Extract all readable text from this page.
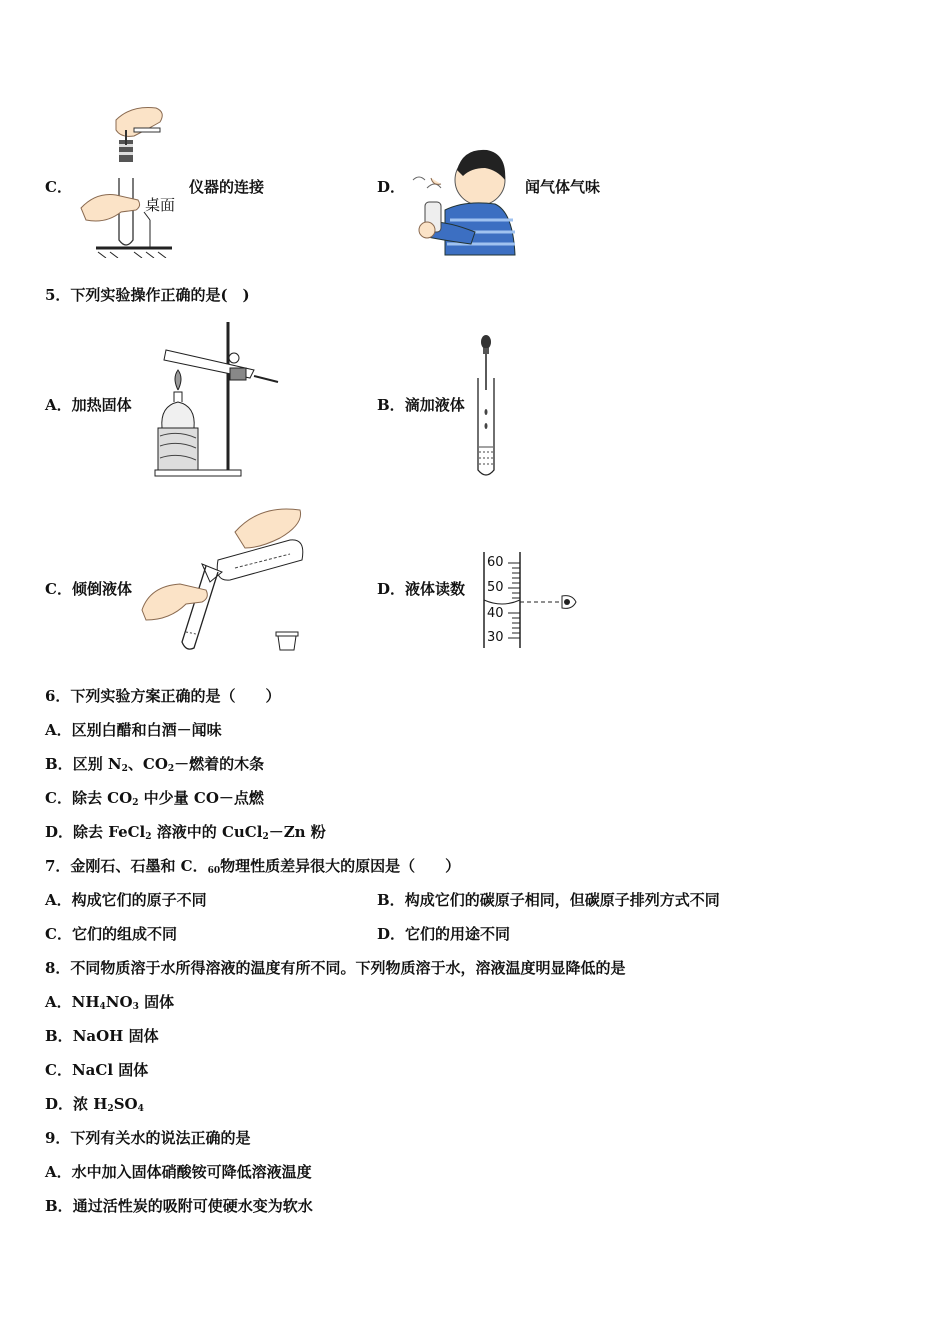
C．
桌面
仪器的连接	D．	闻气体气味
5．下列实验操作正确的是(　)
A．加热固体	B．滴加液体
C．倾倒液体	D．液体读数
60
50
40
30
6．下列实验方案正确的是（　　）
A．区别白醋和白酒－闻味
B．区别 $N_2$、$CO_2-$燃着的木条
C．除去 $CO_2$ 中少量 CO－点燃
D．除去 FeCl$_2$ 溶液中的 CuCl$_2$－Zn 粉
7．金刚石、石墨和 C．$_{60}$物理性质差异很大的原因是（　　）
A．构成它们的原子不同	B．构成它们的碳原子相同，但碳原子排列方式不同
C．它们的组成不同	D．它们的用途不同
8．不同物质溶于水所得溶液的温度有所不同。下列物质溶于水，溶液温度明显降低的是
A．$NH_4NO_3$ 固体
B．NaOH 固体
C．NaCl 固体
D．浓 $H_2SO_4$
9．下列有关水的说法正确的是
A．水中加入固体硝酸铵可降低溶液温度
B．通过活性炭的吸附可使硬水变为软水
